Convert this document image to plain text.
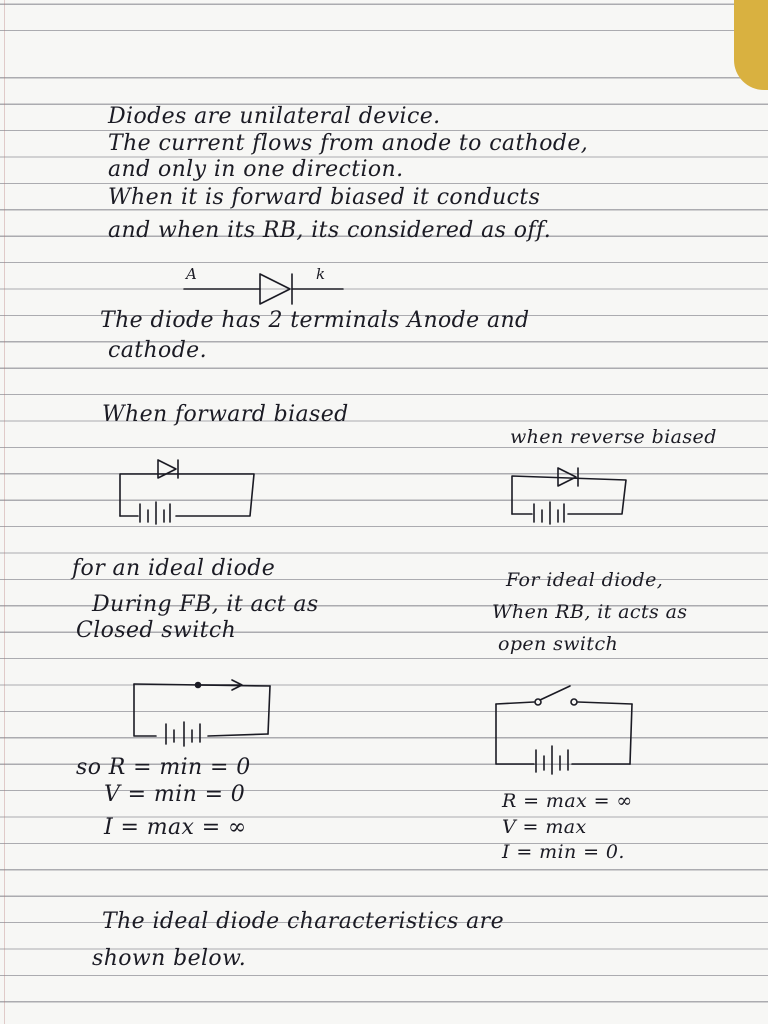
Diodes are unilateral device.

The current flows from anode to cathode,

and only in one direction.

When it is forward biased it conducts

and when its RB, its considered as off.

A	k

The diode has 2 terminals Anode and

cathode.

When forward biased

when reverse biased

for an ideal diode

During FB, it act as

Closed switch

For ideal diode,

When RB, it acts as

open switch

so R = min = 0

V = min = 0

I = max = ∞

R = max = ∞

V = max

I = min = 0.

The ideal diode characteristics are

shown below.
